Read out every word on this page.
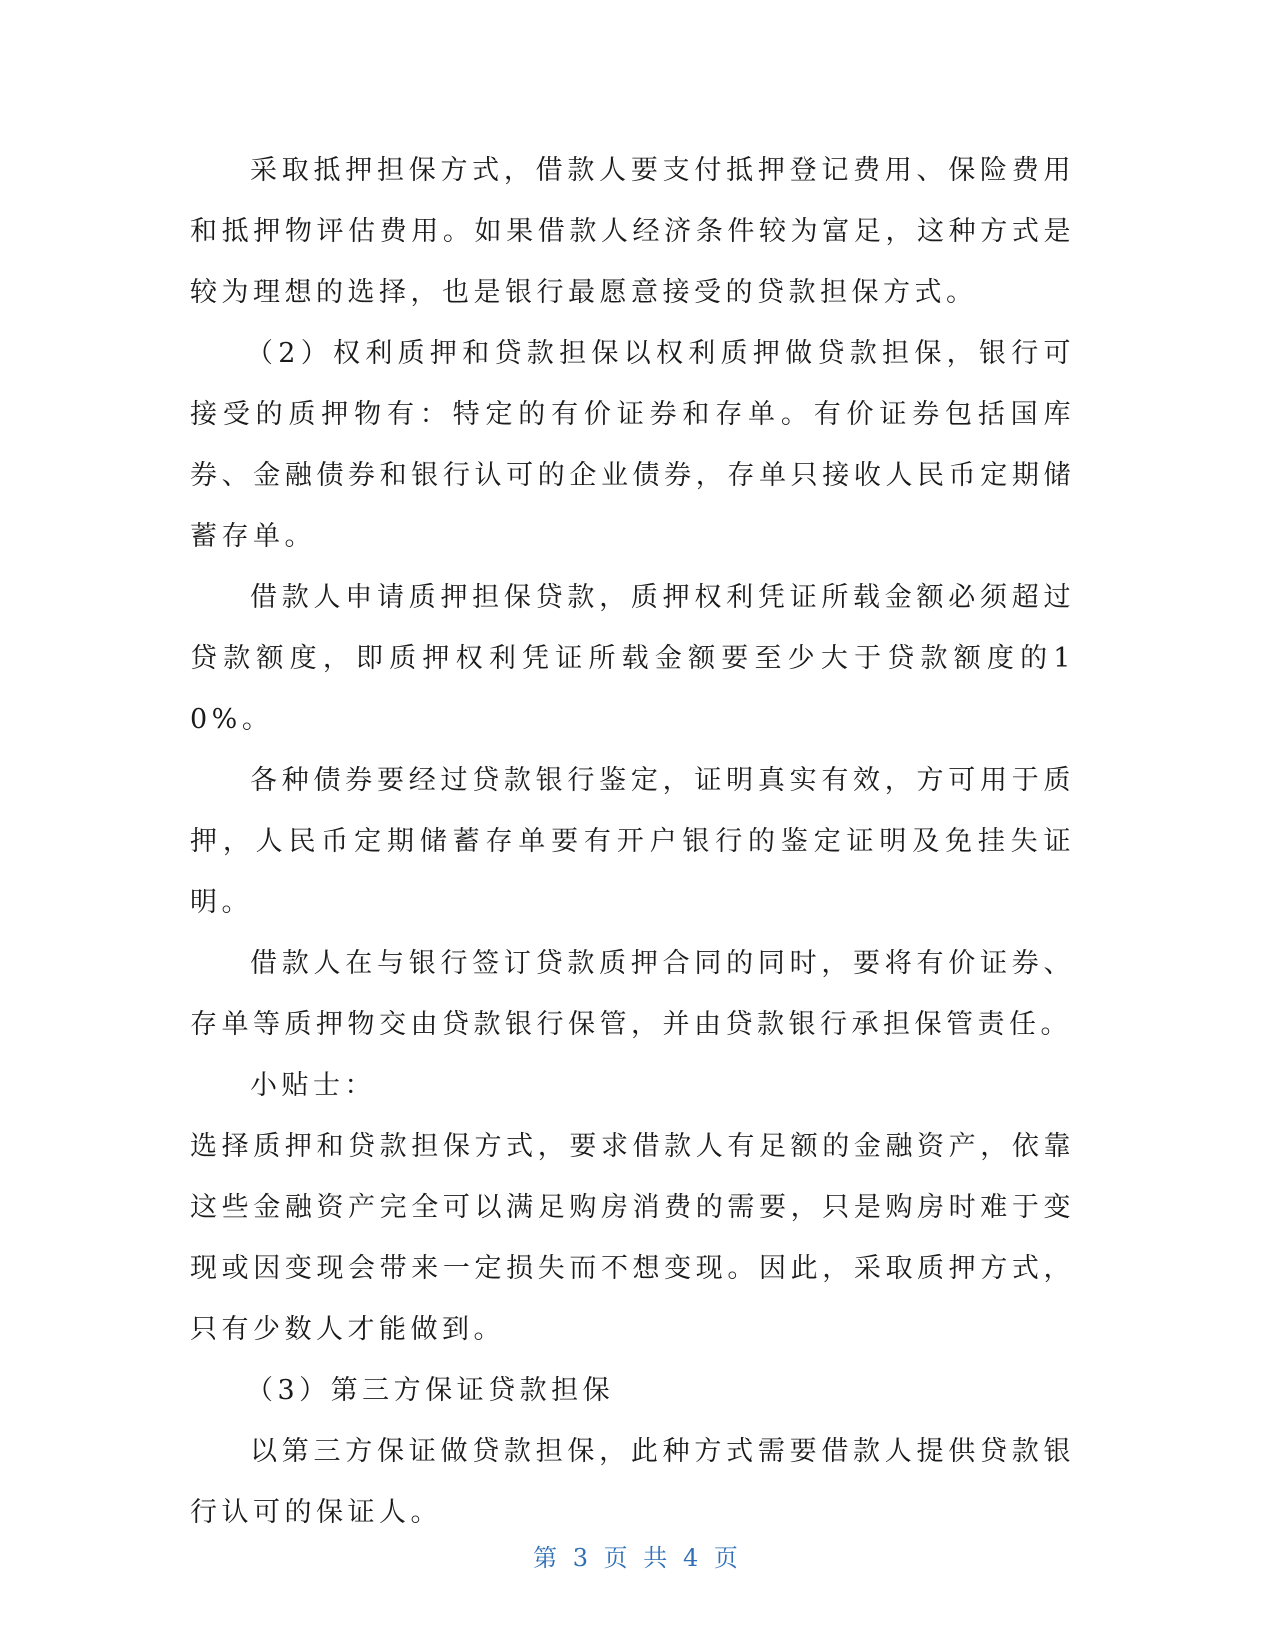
采取抵押担保方式，借款人要支付抵押登记费用、保险费用和抵押物评估费用。如果借款人经济条件较为富足，这种方式是较为理想的选择，也是银行最愿意接受的贷款担保方式。

（2）权利质押和贷款担保以权利质押做贷款担保，银行可接受的质押物有：特定的有价证券和存单。有价证券包括国库券、金融债券和银行认可的企业债券，存单只接收人民币定期储蓄存单。

借款人申请质押担保贷款，质押权利凭证所载金额必须超过贷款额度，即质押权利凭证所载金额要至少大于贷款额度的10%。

各种债券要经过贷款银行鉴定，证明真实有效，方可用于质押，人民币定期储蓄存单要有开户银行的鉴定证明及免挂失证明。

借款人在与银行签订贷款质押合同的同时，要将有价证券、存单等质押物交由贷款银行保管，并由贷款银行承担保管责任。

小贴士：

选择质押和贷款担保方式，要求借款人有足额的金融资产，依靠这些金融资产完全可以满足购房消费的需要，只是购房时难于变现或因变现会带来一定损失而不想变现。因此，采取质押方式，只有少数人才能做到。

（3）第三方保证贷款担保

以第三方保证做贷款担保，此种方式需要借款人提供贷款银行认可的保证人。

第 3 页 共 4 页
